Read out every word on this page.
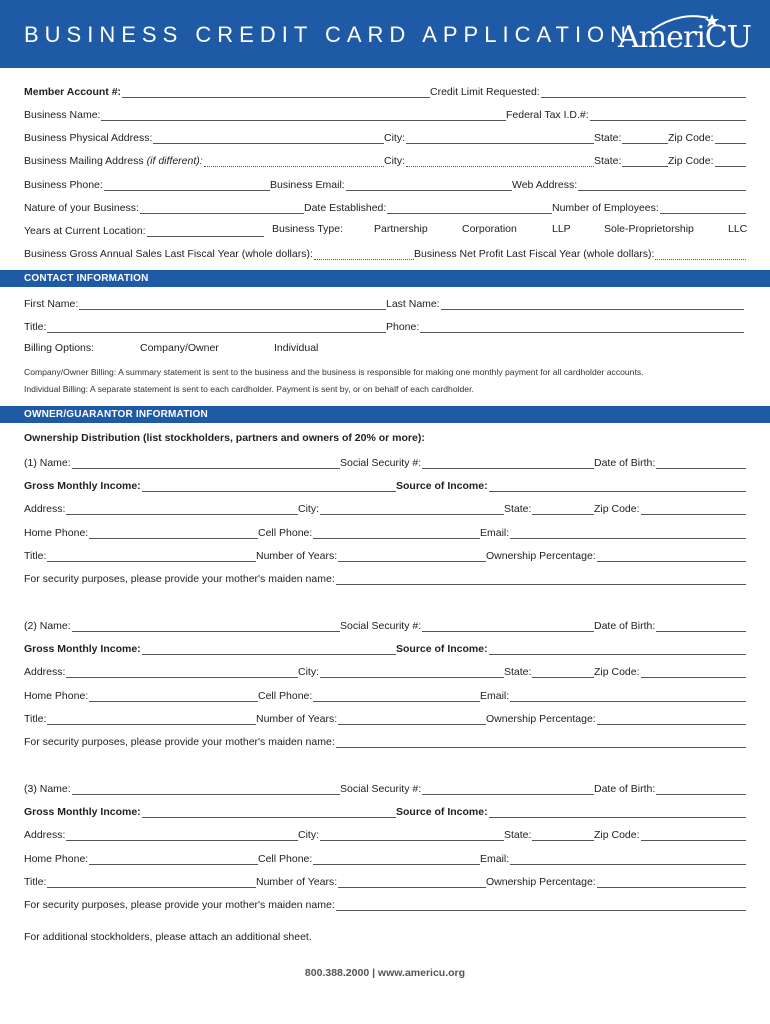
BUSINESS CREDIT CARD APPLICATION
AmeriCU
Member Account #:	Credit Limit Requested:
Business Name:	Federal Tax I.D.#:
Business Physical Address:	City:	State:	Zip Code:
Business Mailing Address (if different):	City:	State:	Zip Code:
Business Phone:	Business Email:	Web Address:
Nature of your Business:	Date Established:	Number of Employees:
Years at Current Location:	Business Type:	Partnership	Corporation	LLP	Sole-Proprietorship	LLC
Business Gross Annual Sales Last Fiscal Year (whole dollars):	Business Net Profit Last Fiscal Year (whole dollars):
CONTACT INFORMATION
First Name:	Last Name:
Title:	Phone:
Billing Options:	Company/Owner	Individual
Company/Owner Billing: A summary statement is sent to the business and the business is responsible for making one monthly payment for all cardholder accounts.
Individual Billing: A separate statement is sent to each cardholder. Payment is sent by, or on behalf of each cardholder.
OWNER/GUARANTOR INFORMATION
Ownership Distribution (list stockholders, partners and owners of 20% or more):
(1) Name:	Social Security #:	Date of Birth:
Gross Monthly Income:	Source of Income:
Address:	City:	State:	Zip Code:
Home Phone:	Cell Phone:	Email:
Title:	Number of Years:	Ownership Percentage:
For security purposes, please provide your mother's maiden name:
(2) Name:	Social Security #:	Date of Birth:
Gross Monthly Income:	Source of Income:
Address:	City:	State:	Zip Code:
Home Phone:	Cell Phone:	Email:
Title:	Number of Years:	Ownership Percentage:
For security purposes, please provide your mother's maiden name:
(3) Name:	Social Security #:	Date of Birth:
Gross Monthly Income:	Source of Income:
Address:	City:	State:	Zip Code:
Home Phone:	Cell Phone:	Email:
Title:	Number of Years:	Ownership Percentage:
For security purposes, please provide your mother's maiden name:
For additional stockholders, please attach an additional sheet.
800.388.2000 | www.americu.org
